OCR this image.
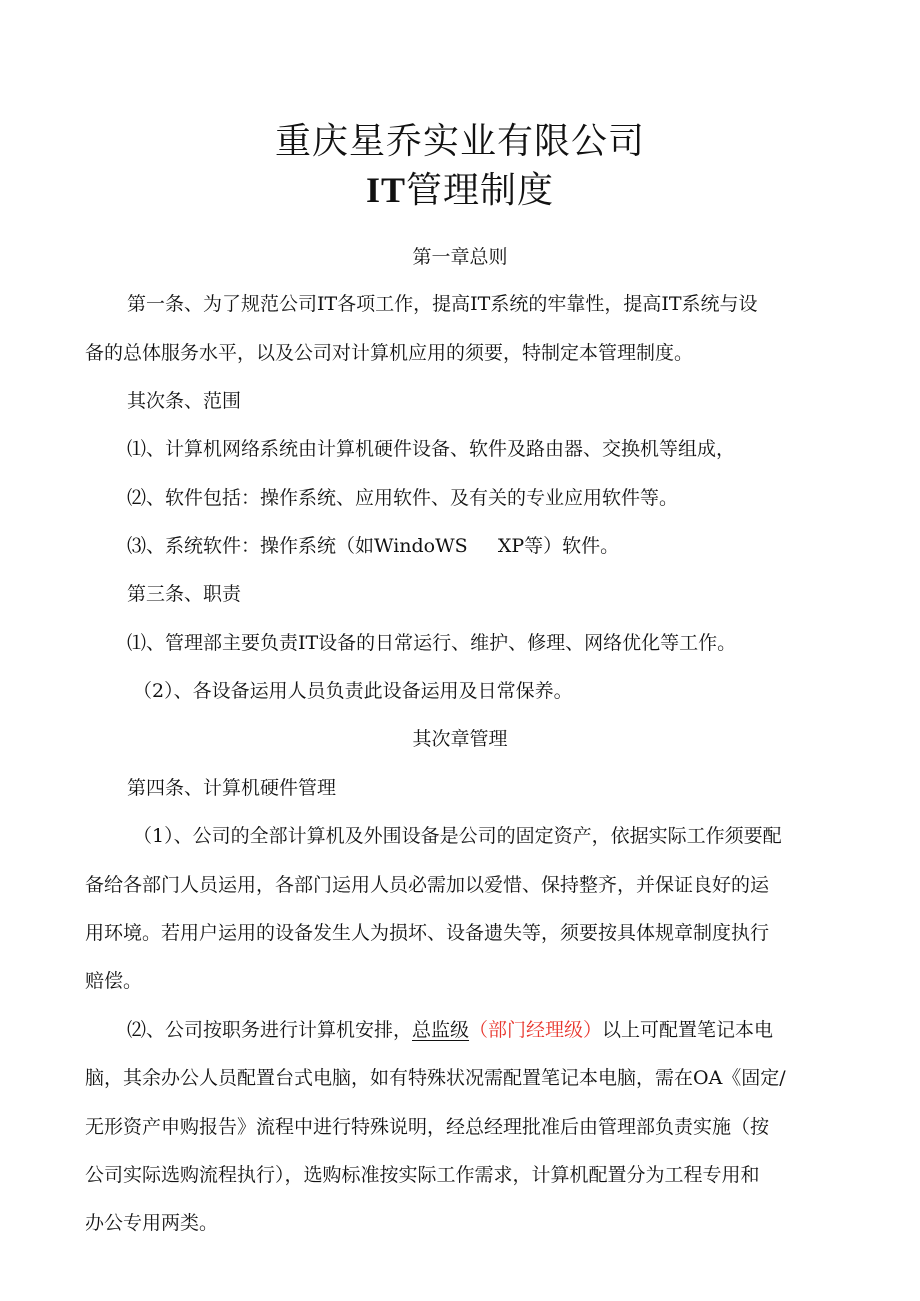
重庆星乔实业有限公司
IT管理制度
第一章总则
第一条、为了规范公司IT各项工作，提高IT系统的牢靠性，提高IT系统与设
备的总体服务水平，以及公司对计算机应用的须要，特制定本管理制度。
其次条、范围
⑴、计算机网络系统由计算机硬件设备、软件及路由器、交换机等组成，
⑵、软件包括：操作系统、应用软件、及有关的专业应用软件等。
⑶、系统软件：操作系统（如WindoWS     XP等）软件。
第三条、职责
⑴、管理部主要负责IT设备的日常运行、维护、修理、网络优化等工作。
（2）、各设备运用人员负责此设备运用及日常保养。
其次章管理
第四条、计算机硬件管理
（1）、公司的全部计算机及外围设备是公司的固定资产，依据实际工作须要配
备给各部门人员运用，各部门运用人员必需加以爱惜、保持整齐，并保证良好的运
用环境。若用户运用的设备发生人为损坏、设备遗失等，须要按具体规章制度执行
赔偿。
⑵、公司按职务进行计算机安排，总监级（部门经理级）以上可配置笔记本电
脑，其余办公人员配置台式电脑，如有特殊状况需配置笔记本电脑，需在OA《固定/
无形资产申购报告》流程中进行特殊说明，经总经理批准后由管理部负责实施（按
公司实际选购流程执行），选购标准按实际工作需求，计算机配置分为工程专用和
办公专用两类。
